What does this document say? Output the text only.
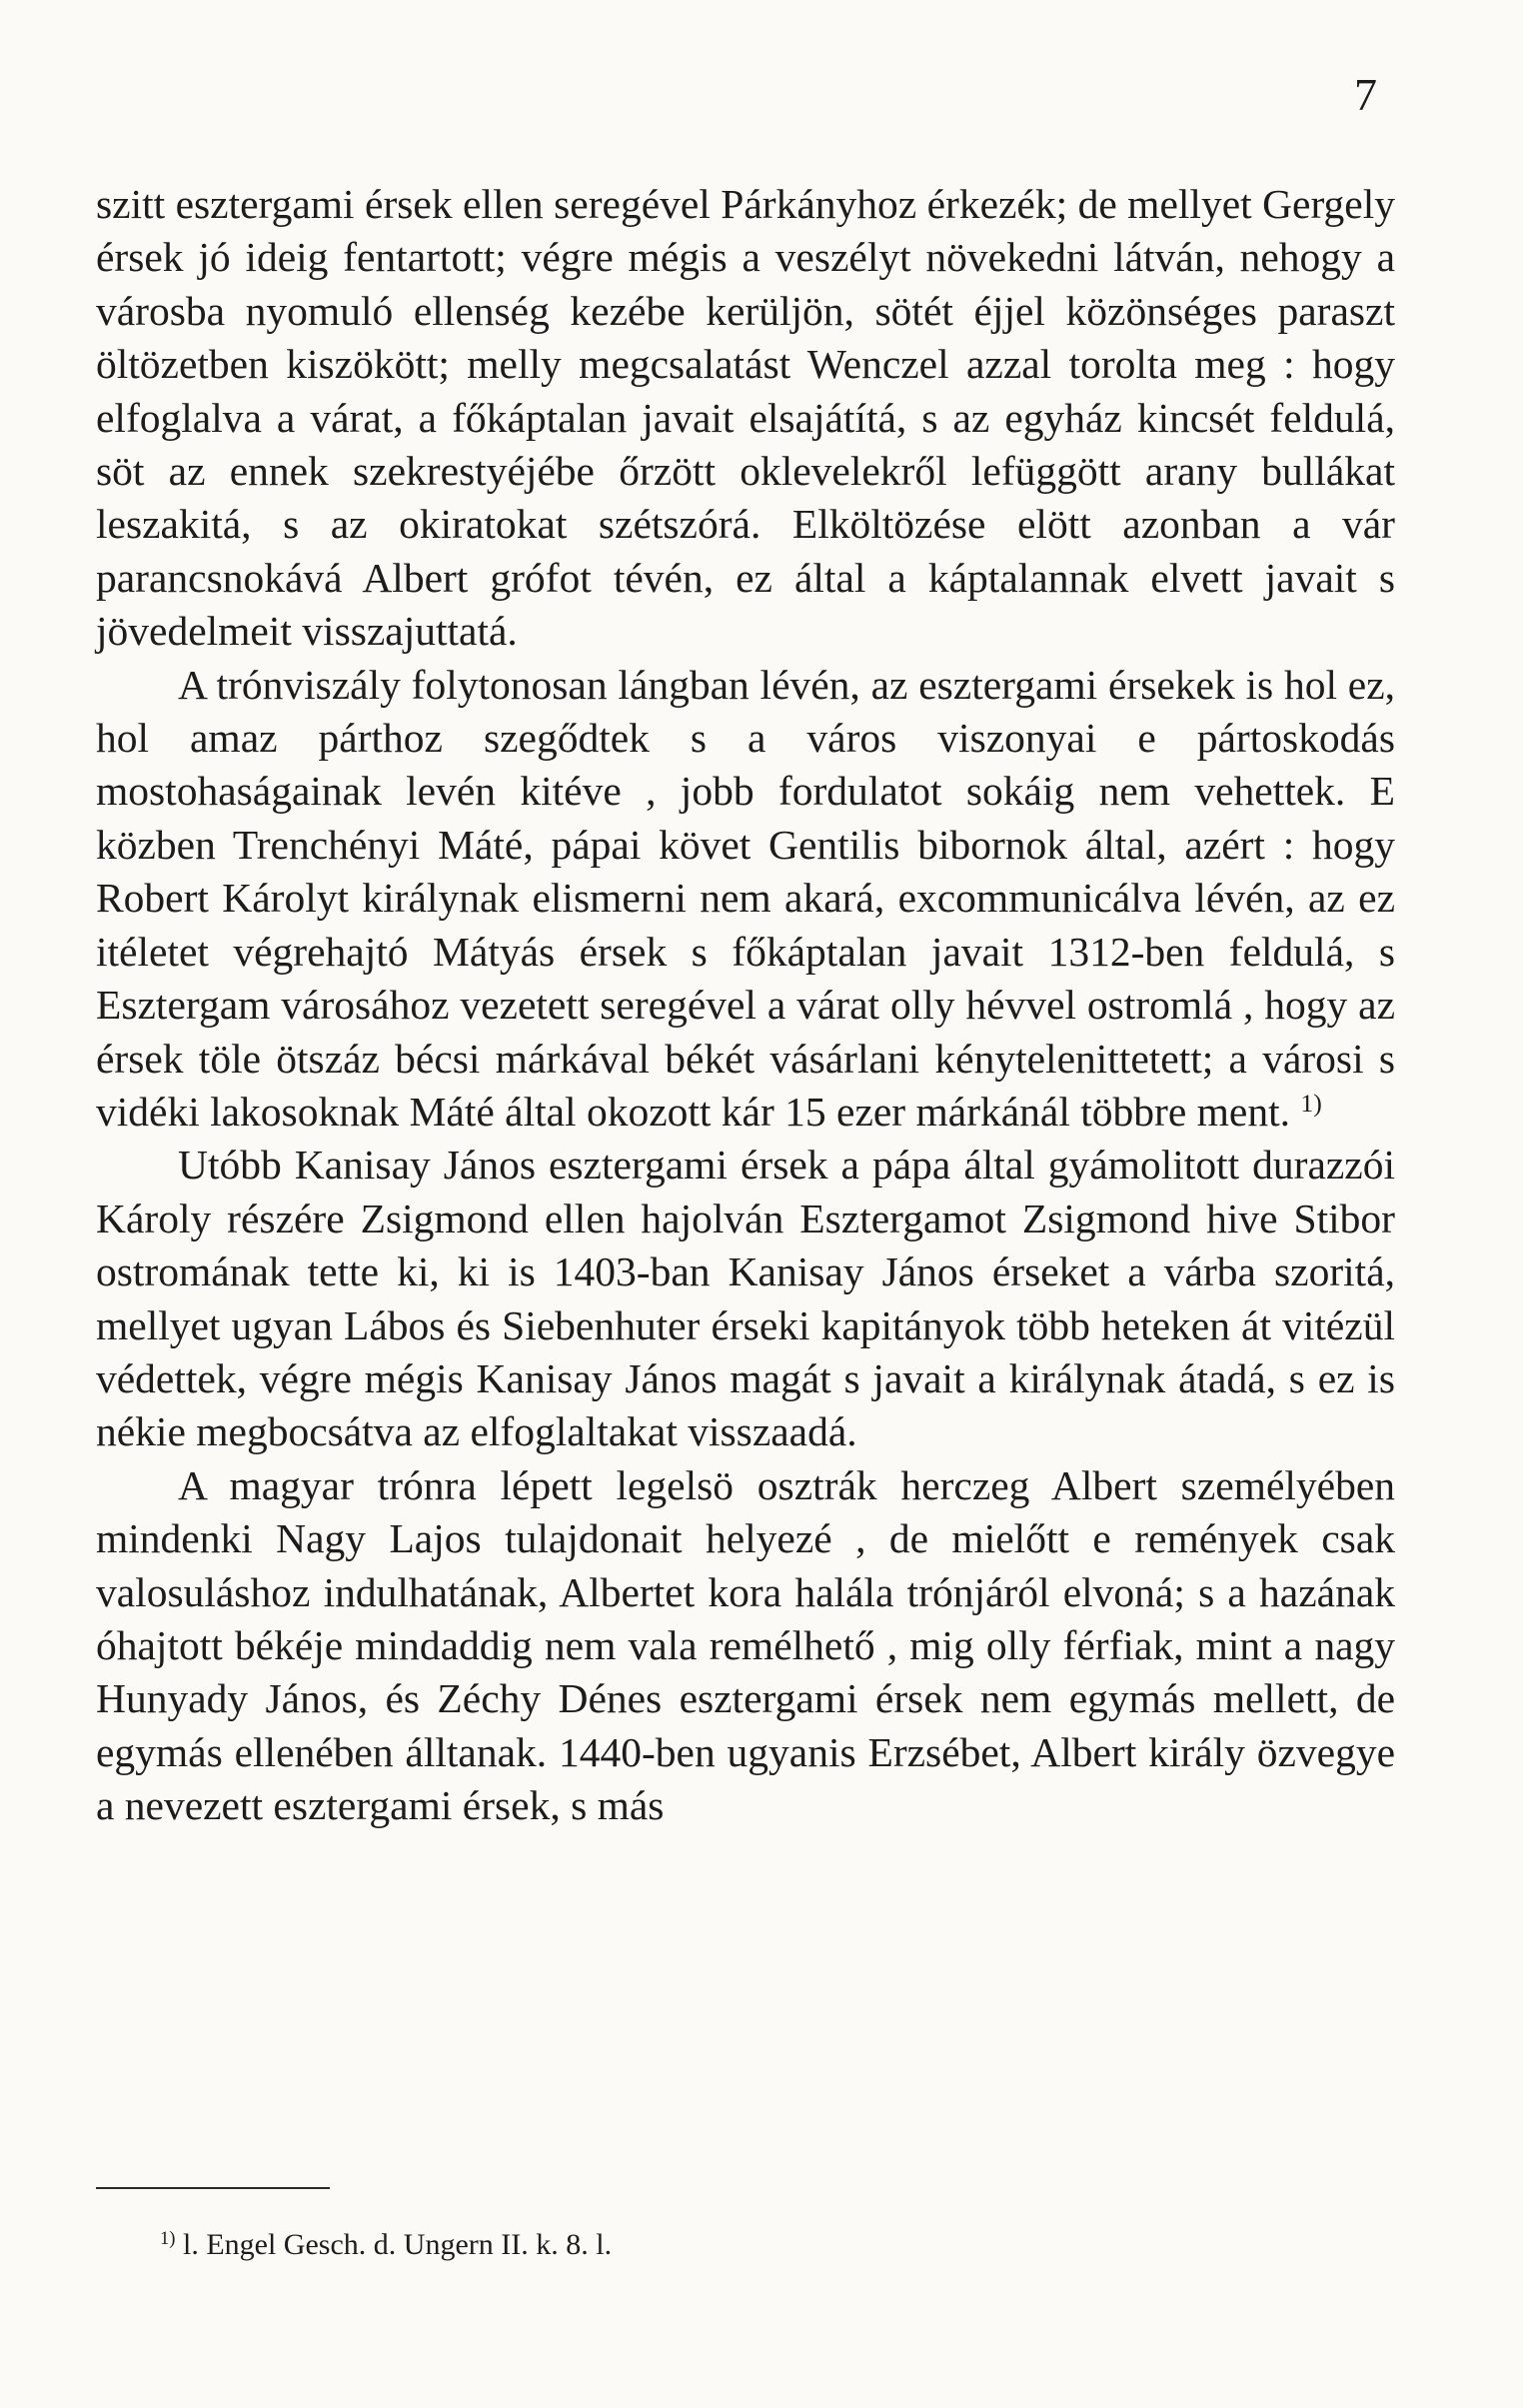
7

szitt esztergami érsek ellen seregével Párkányhoz érkezék; de mellyet Gergely érsek jó ideig fentartott; végre mégis a veszélyt növekedni látván, nehogy a városba nyomuló ellenség kezébe kerüljön, sötét éjjel közönséges paraszt öltözetben kiszökött; melly megcsalatást Wenczel azzal torolta meg : hogy elfoglalva a várat, a főkáptalan javait elsajátítá, s az egyház kincsét feldulá, söt az ennek szekrestyéjébe őrzött oklevelekről lefüggött arany bullákat leszakitá, s az okiratokat szétszórá. Elköltözése elött azonban a vár parancsnokává Albert grófot tévén, ez által a káptalannak elvett javait s jövedelmeit visszajuttatá.

A trónviszály folytonosan lángban lévén, az esztergami érsekek is hol ez, hol amaz párthoz szegődtek s a város viszonyai e pártoskodás mostohaságainak levén kitéve , jobb fordulatot sokáig nem vehettek. E közben Trenchényi Máté, pápai követ Gentilis bibornok által, azért : hogy Robert Károlyt királynak elismerni nem akará, excommunicálva lévén, az ez itéletet végrehajtó Mátyás érsek s főkáptalan javait 1312-ben feldulá, s Esztergam városához vezetett seregével a várat olly hévvel ostromlá , hogy az érsek töle ötszáz bécsi márkával békét vásárlani kénytelenittetett; a városi s vidéki lakosoknak Máté által okozott kár 15 ezer márkánál többre ment. $^{1)}$

Utóbb Kanisay János esztergami érsek a pápa által gyámolitott durazzói Károly részére Zsigmond ellen hajolván Esztergamot Zsigmond hive Stibor ostromának tette ki, ki is 1403-ban Kanisay János érseket a várba szoritá, mellyet ugyan Lábos és Siebenhuter érseki kapitányok több heteken át vitézül védettek, végre mégis Kanisay János magát s javait a királynak átadá, s ez is nékie megbocsátva az elfoglaltakat visszaadá.

A magyar trónra lépett legelsö osztrák herczeg Albert személyében mindenki Nagy Lajos tulajdonait helyezé , de mielőtt e remények csak valosuláshoz indulhatának, Albertet kora halála trónjáról elvoná; s a hazának óhajtott békéje mindaddig nem vala remélhető , mig olly férfiak, mint a nagy Hunyady János, és Zéchy Dénes esztergami érsek nem egymás mellett, de egymás ellenében álltanak. 1440-ben ugyanis Erzsébet, Albert király özvegye a nevezett esztergami érsek, s más

$^{1)}$ l. Engel Gesch. d. Ungern II. k. 8. l.
